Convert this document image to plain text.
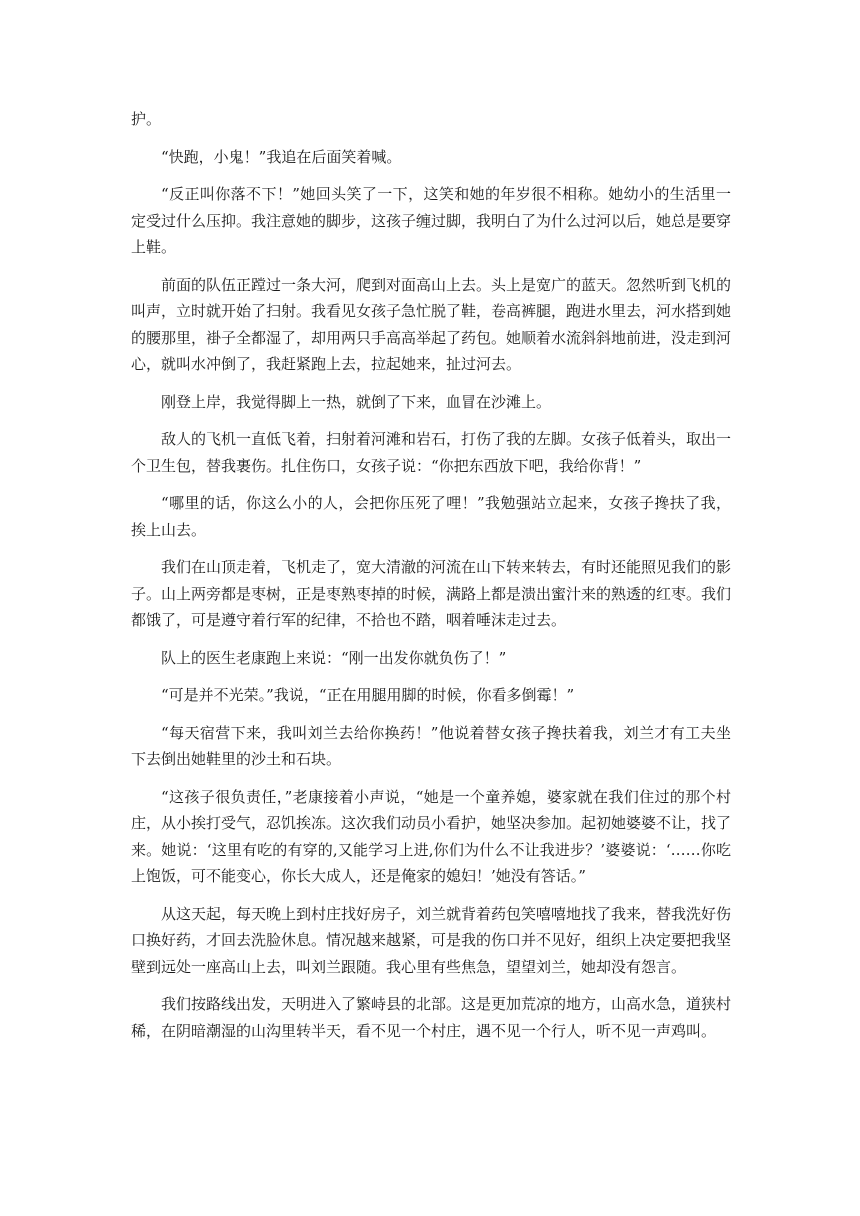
护。

“快跑，小鬼！”我追在后面笑着喊。

“反正叫你落不下！”她回头笑了一下，这笑和她的年岁很不相称。她幼小的生活里一定受过什么压抑。我注意她的脚步，这孩子缠过脚，我明白了为什么过河以后，她总是要穿上鞋。

前面的队伍正蹚过一条大河，爬到对面高山上去。头上是宽广的蓝天。忽然听到飞机的叫声，立时就开始了扫射。我看见女孩子急忙脱了鞋，卷高裤腿，跑进水里去，河水搭到她的腰那里，褂子全都湿了，却用两只手高高举起了药包。她顺着水流斜斜地前进，没走到河心，就叫水冲倒了，我赶紧跑上去，拉起她来，扯过河去。

刚登上岸，我觉得脚上一热，就倒了下来，血冒在沙滩上。

敌人的飞机一直低飞着，扫射着河滩和岩石，打伤了我的左脚。女孩子低着头，取出一个卫生包，替我裹伤。扎住伤口，女孩子说：“你把东西放下吧，我给你背！”

“哪里的话，你这么小的人，会把你压死了哩！”我勉强站立起来，女孩子搀扶了我，挨上山去。

我们在山顶走着，飞机走了，宽大清澈的河流在山下转来转去，有时还能照见我们的影子。山上两旁都是枣树，正是枣熟枣掉的时候，满路上都是溃出蜜汁来的熟透的红枣。我们都饿了，可是遵守着行军的纪律，不拾也不踏，咽着唾沫走过去。

队上的医生老康跑上来说：“刚一出发你就负伤了！”

“可是并不光荣。”我说，“正在用腿用脚的时候，你看多倒霉！”

“每天宿营下来，我叫刘兰去给你换药！”他说着替女孩子搀扶着我，刘兰才有工夫坐下去倒出她鞋里的沙土和石块。

“这孩子很负责任，”老康接着小声说，“她是一个童养媳，婆家就在我们住过的那个村庄，从小挨打受气，忍饥挨冻。这次我们动员小看护，她坚决参加。起初她婆婆不让，找了来。她说：‘这里有吃的有穿的,又能学习上进,你们为什么不让我进步？’婆婆说：‘……你吃上饱饭，可不能变心，你长大成人，还是俺家的媳妇！’她没有答话。”

从这天起，每天晚上到村庄找好房子，刘兰就背着药包笑嘻嘻地找了我来，替我洗好伤口换好药，才回去洗脸休息。情况越来越紧，可是我的伤口并不见好，组织上决定要把我坚壁到远处一座高山上去，叫刘兰跟随。我心里有些焦急，望望刘兰，她却没有怨言。

我们按路线出发，天明进入了繁峙县的北部。这是更加荒凉的地方，山高水急，道狭村稀，在阴暗潮湿的山沟里转半天，看不见一个村庄，遇不见一个行人，听不见一声鸡叫。
